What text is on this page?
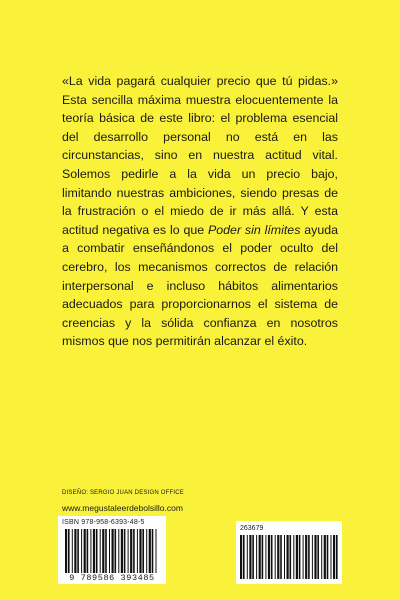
«La vida pagará cualquier precio que tú pidas.» Esta sencilla máxima muestra elocuentemente la teoría básica de este libro: el problema esencial del desarrollo personal no está en las circunstancias, sino en nuestra actitud vital. Solemos pedirle a la vida un precio bajo, limitando nuestras ambiciones, siendo presas de la frustración o el miedo de ir más allá. Y esta actitud negativa es lo que Poder sin límites ayuda a combatir enseñándonos el poder oculto del cerebro, los mecanismos correctos de relación interpersonal e incluso hábitos alimentarios adecuados para proporcionarnos el sistema de creencias y la sólida confianza en nosotros mismos que nos permitirán alcanzar el éxito.

DISEÑO: SERGIO JUAN DESIGN OFFICE
www.megustaleerdebolsillo.com
ISBN 978-958-6393-48-5
9 789586 393485
263679
